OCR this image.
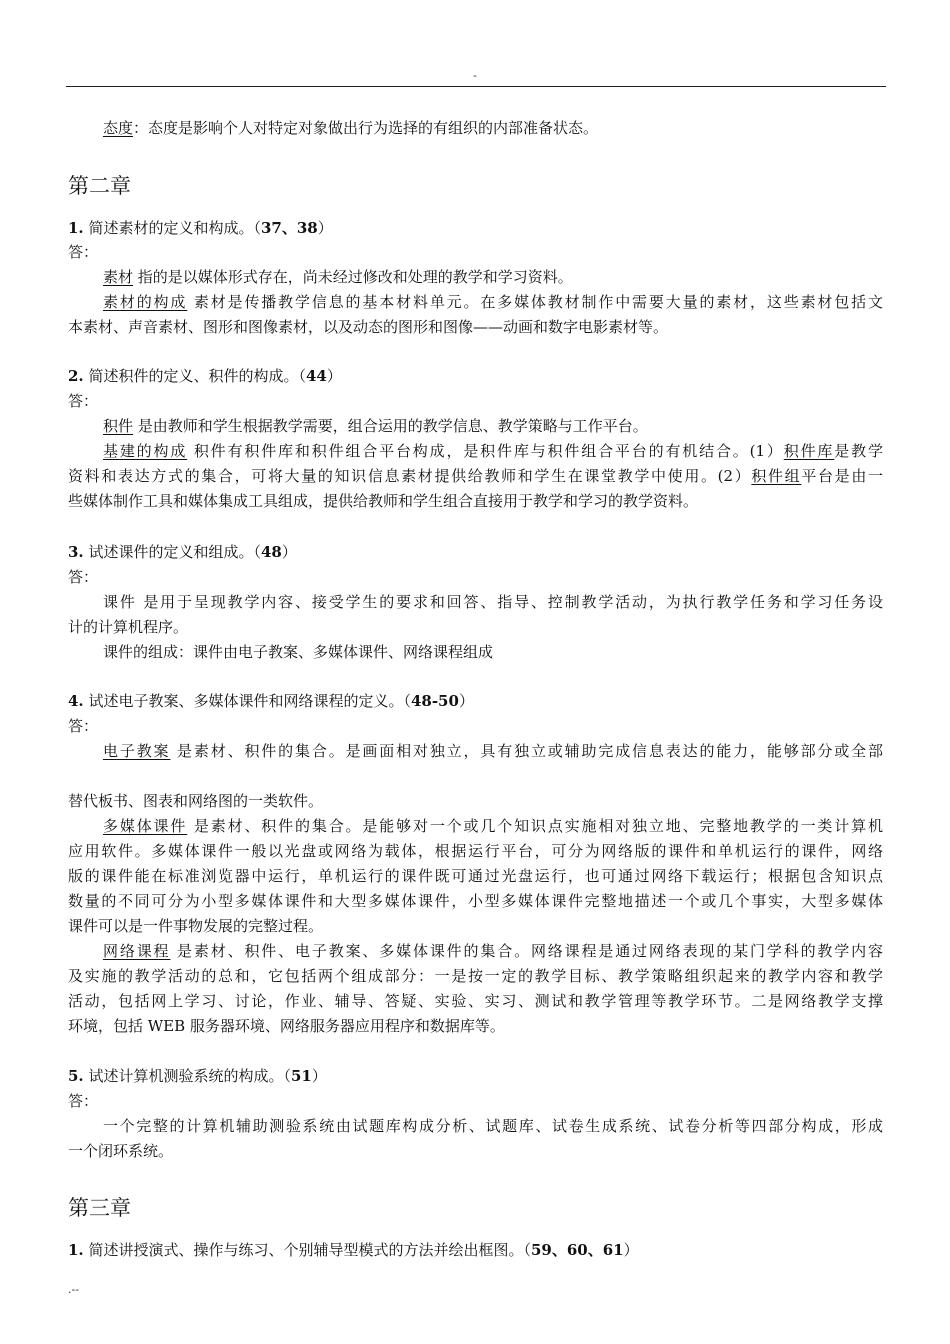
-
态度：态度是影响个人对特定对象做出行为选择的有组织的内部准备状态。
第二章
1. 简述素材的定义和构成。（37、38）
答：
素材 指的是以媒体形式存在，尚未经过修改和处理的教学和学习资料。
素材的构成 素材是传播教学信息的基本材料单元。在多媒体教材制作中需要大量的素材，这些素材包括文
本素材、声音素材、图形和图像素材，以及动态的图形和图像——动画和数字电影素材等。
2. 简述积件的定义、积件的构成。（44）
答：
积件 是由教师和学生根据教学需要，组合运用的教学信息、教学策略与工作平台。
基建的构成 积件有积件库和积件组合平台构成，是积件库与积件组合平台的有机结合。(1）积件库是教学
资料和表达方式的集合，可将大量的知识信息素材提供给教师和学生在课堂教学中使用。(2）积件组平台是由一
些媒体制作工具和媒体集成工具组成，提供给教师和学生组合直接用于教学和学习的教学资料。
3. 试述课件的定义和组成。（48）
答：
课件 是用于呈现教学内容、接受学生的要求和回答、指导、控制教学活动，为执行教学任务和学习任务设
计的计算机程序。
课件的组成：课件由电子教案、多媒体课件、网络课程组成
4. 试述电子教案、多媒体课件和网络课程的定义。（48-50）
答：
电子教案 是素材、积件的集合。是画面相对独立，具有独立或辅助完成信息表达的能力，能够部分或全部
替代板书、图表和网络图的一类软件。
多媒体课件 是素材、积件的集合。是能够对一个或几个知识点实施相对独立地、完整地教学的一类计算机
应用软件。多媒体课件一般以光盘或网络为载体，根据运行平台，可分为网络版的课件和单机运行的课件，网络
版的课件能在标准浏览器中运行，单机运行的课件既可通过光盘运行，也可通过网络下载运行；根据包含知识点
数量的不同可分为小型多媒体课件和大型多媒体课件，小型多媒体课件完整地描述一个或几个事实，大型多媒体
课件可以是一件事物发展的完整过程。
网络课程 是素材、积件、电子教案、多媒体课件的集合。网络课程是通过网络表现的某门学科的教学内容
及实施的教学活动的总和，它包括两个组成部分：一是按一定的教学目标、教学策略组织起来的教学内容和教学
活动，包括网上学习、讨论，作业、辅导、答疑、实验、实习、测试和教学管理等教学环节。二是网络教学支撑
环境，包括 WEB 服务器环境、网络服务器应用程序和数据库等。
5. 试述计算机测验系统的构成。（51）
答：
一个完整的计算机辅助测验系统由试题库构成分析、试题库、试卷生成系统、试卷分析等四部分构成，形成
一个闭环系统。
第三章
1. 简述讲授演式、操作与练习、个别辅导型模式的方法并绘出框图。（59、60、61）
.--
